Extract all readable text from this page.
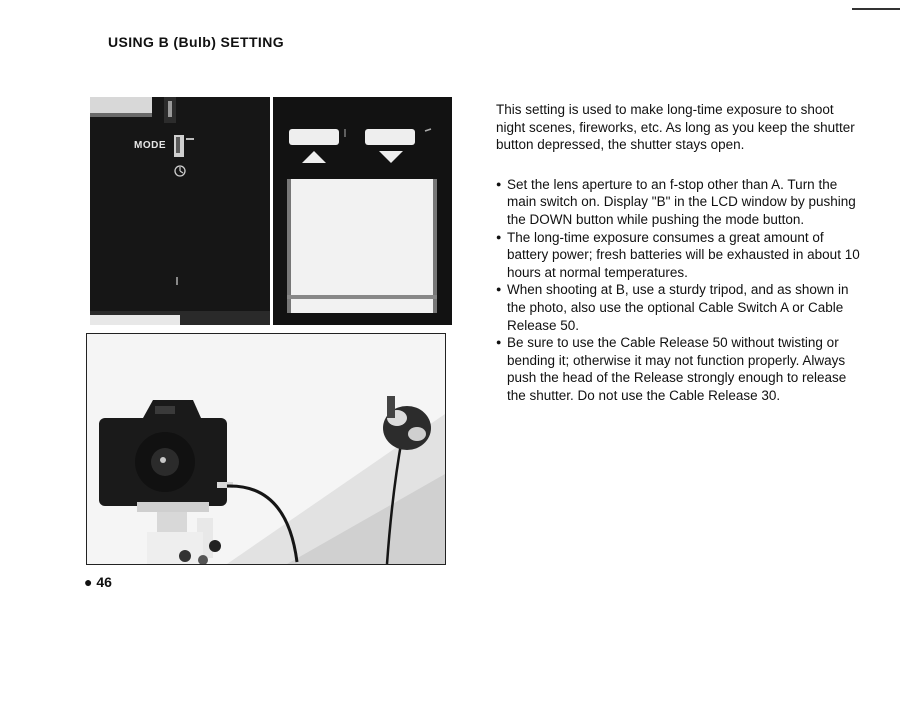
USING B (Bulb) SETTING
MODE

This setting is used to make long-time exposure to shoot night scenes, fireworks, etc. As long as you keep the shutter button depressed, the shutter stays open.

● Set the lens aperture to an f-stop other than A. Turn the main switch on. Display "B" in the LCD window by pushing the DOWN button while pushing the mode button.
● The long-time exposure consumes a great amount of battery power; fresh batteries will be exhausted in about 10 hours at normal temperatures.
● When shooting at B, use a sturdy tripod, and as shown in the photo, also use the optional Cable Switch A or Cable Release 50.
● Be sure to use the Cable Release 50 without twisting or bending it; otherwise it may not function properly. Always push the head of the Release strongly enough to release the shutter. Do not use the Cable Release 30.
● 46
